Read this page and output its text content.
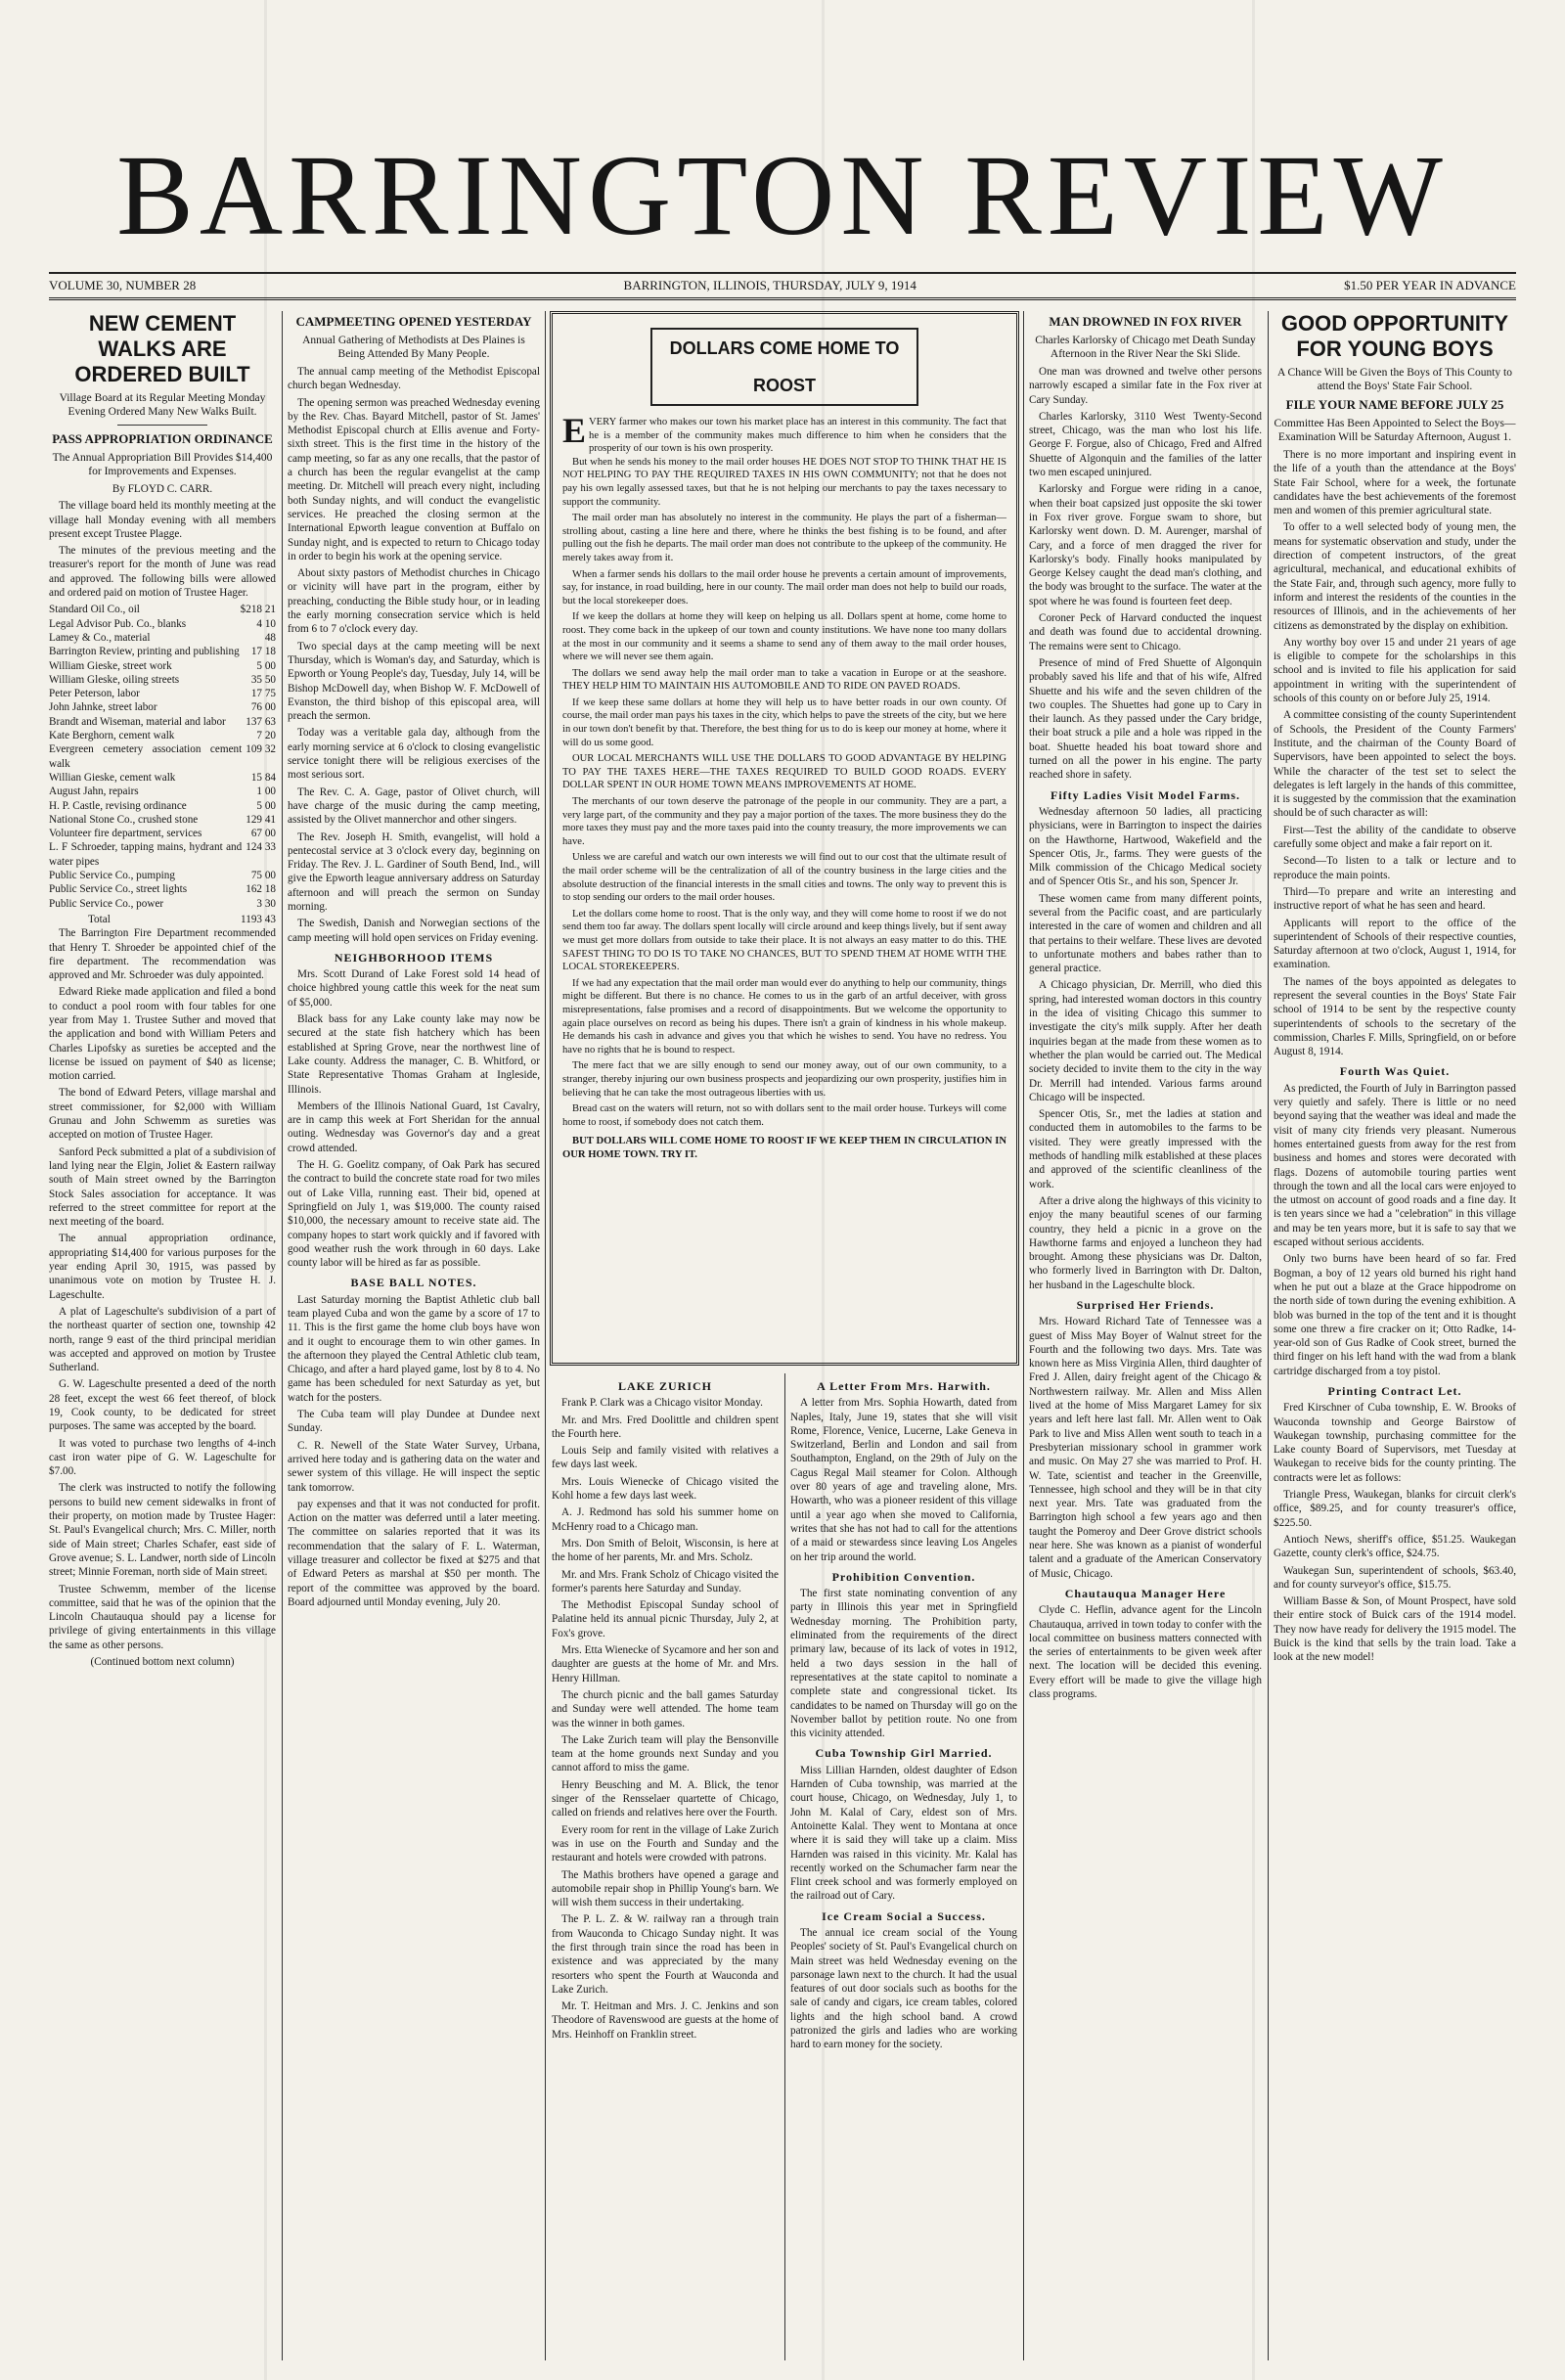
BARRINGTON REVIEW
VOLUME 30, NUMBER 28	BARRINGTON, ILLINOIS, THURSDAY, JULY 9, 1914	$1.50 PER YEAR IN ADVANCE
NEW CEMENT WALKS ARE ORDERED BUILT
Village Board at its Regular Meeting Monday Evening Ordered Many New Walks Built.
PASS APPROPRIATION ORDINANCE
The Annual Appropriation Bill Provides $14,400 for Improvements and Expenses.
By FLOYD C. CARR.

The village board held its monthly meeting at the village hall Monday evening with all members present except Trustee Plagge.

The minutes of the previous meeting and the treasurer's report for the month of June was read and approved. The following bills were allowed and ordered paid on motion of Trustee Hager.

Standard Oil Co., oil	$218 21
Legal Advisor Pub. Co., blanks	4 10
Lamey & Co., material	48
Barrington Review, printing and publishing	17 18
William Gieske, street work	5 00
William Gleske, oiling streets	35 50
Peter Peterson, labor	17 75
John Jahnke, street labor	76 00
Brandt and Wiseman, material and labor	137 63
Kate Berghorn, cement walk	7 20
Evergreen cemetery association cement walk
109 32
Willian Gieske, cement walk	15 84
August Jahn, repairs	1 00
H. P. Castle, revising ordinance	5 00
National Stone Co., crushed stone	129 41
Volunteer fire department, services	67 00
L. F Schroeder, tapping mains, hydrant and water pipes
124 33
Public Service Co., pumping	75 00
Public Service Co., street lights	162 18
Public Service Co., power	3 30
Total	1193 43

The Barrington Fire Department recommended that Henry T. Shroeder be appointed chief of the fire department. The recommendation was approved and Mr. Schroeder was duly appointed.

Edward Rieke made application and filed a bond to conduct a pool room with four tables for one year from May 1. Trustee Suther and moved that the application and bond with William Peters and Charles Lipofsky as sureties be accepted and the license be issued on payment of $40 as license; motion carried.

The bond of Edward Peters, village marshal and street commissioner, for $2,000 with William Grunau and John Schwemm as sureties was accepted on motion of Trustee Hager.

Sanford Peck submitted a plat of a subdivision of land lying near the Elgin, Joliet & Eastern railway south of Main street owned by the Barrington Stock Sales association for acceptance. It was referred to the street committee for report at the next meeting of the board.

The annual appropriation ordinance, appropriating $14,400 for various purposes for the year ending April 30, 1915, was passed by unanimous vote on motion by Trustee H. J. Lageschulte.

A plat of Lageschulte's subdivision of a part of the northeast quarter of section one, township 42 north, range 9 east of the third principal meridian was accepted and approved on motion by Trustee Sutherland.

G. W. Lageschulte presented a deed of the north 28 feet, except the west 66 feet thereof, of block 19, Cook county, to be dedicated for street purposes. The same was accepted by the board.

It was voted to purchase two lengths of 4-inch cast iron water pipe of G. W. Lageschulte for $7.00.

The clerk was instructed to notify the following persons to build new cement sidewalks in front of their property, on motion made by Trustee Hager: St. Paul's Evangelical church; Mrs. C. Miller, north side of Main street; Charles Schafer, east side of Grove avenue; S. L. Landwer, north side of Lincoln street; Minnie Foreman, north side of Main street.

Trustee Schwemm, member of the license committee, said that he was of the opinion that the Lincoln Chautauqua should pay a license for privilege of giving entertainments in this village the same as other persons.

(Continued bottom next column)
CAMPMEETING OPENED YESTERDAY
Annual Gathering of Methodists at Des Plaines is Being Attended By Many People.

The annual camp meeting of the Methodist Episcopal church began Wednesday.

The opening sermon was preached Wednesday evening by the Rev. Chas. Bayard Mitchell, pastor of St. James' Methodist Episcopal church at Ellis avenue and Forty-sixth street. This is the first time in the history of the camp meeting, so far as any one recalls, that the pastor of a church has been the regular evangelist at the camp meeting. Dr. Mitchell will preach every night, including both Sunday nights, and will conduct the evangelistic services. He preached the closing sermon at the International Epworth league convention at Buffalo on Sunday night, and is expected to return to Chicago today in order to begin his work at the opening service.

About sixty pastors of Methodist churches in Chicago or vicinity will have part in the program, either by preaching, conducting the Bible study hour, or in leading the early morning consecration service which is held from 6 to 7 o'clock every day.

Two special days at the camp meeting will be next Thursday, which is Woman's day, and Saturday, which is Epworth or Young People's day, Tuesday, July 14, will be Bishop McDowell day, when Bishop W. F. McDowell of Evanston, the third bishop of this episcopal area, will preach the sermon.

Today was a veritable gala day, although from the early morning service at 6 o'clock to closing evangelistic service tonight there will be religious exercises of the most serious sort.

The Rev. C. A. Gage, pastor of Olivet church, will have charge of the music during the camp meeting, assisted by the Olivet mannerchor and other singers.

The Rev. Joseph H. Smith, evangelist, will hold a pentecostal service at 3 o'clock every day, beginning on Friday. The Rev. J. L. Gardiner of South Bend, Ind., will give the Epworth league anniversary address on Saturday afternoon and will preach the sermon on Sunday morning.

The Swedish, Danish and Norwegian sections of the camp meeting will hold open services on Friday evening.

NEIGHBORHOOD ITEMS

Mrs. Scott Durand of Lake Forest sold 14 head of choice highbred young cattle this week for the neat sum of $5,000.

Black bass for any Lake county lake may now be secured at the state fish hatchery which has been established at Spring Grove, near the northwest line of Lake county. Address the manager, C. B. Whitford, or State Representative Thomas Graham at Ingleside, Illinois.

Members of the Illinois National Guard, 1st Cavalry, are in camp this week at Fort Sheridan for the annual outing. Wednesday was Governor's day and a great crowd attended.

The H. G. Goelitz company, of Oak Park has secured the contract to build the concrete state road for two miles out of Lake Villa, running east. Their bid, opened at Springfield on July 1, was $19,000. The county raised $10,000, the necessary amount to receive state aid. The company hopes to start work quickly and if favored with good weather rush the work through in 60 days. Lake county labor will be hired as far as possible.

BASE BALL NOTES.

Last Saturday morning the Baptist Athletic club ball team played Cuba and won the game by a score of 17 to 11. This is the first game the home club boys have won and it ought to encourage them to win other games. In the afternoon they played the Central Athletic club team, Chicago, and after a hard played game, lost by 8 to 4. No game has been scheduled for next Saturday as yet, but watch for the posters.

The Cuba team will play Dundee at Dundee next Sunday.

C. R. Newell of the State Water Survey, Urbana, arrived here today and is gathering data on the water and sewer system of this village. He will inspect the septic tank tomorrow.

pay expenses and that it was not conducted for profit. Action on the matter was deferred until a later meeting. The committee on salaries reported that it was its recommendation that the salary of F. L. Waterman, village treasurer and collector be fixed at $275 and that of Edward Peters as marshal at $50 per month. The report of the committee was approved by the board. Board adjourned until Monday evening, July 20.

DOLLARS COME HOME TO ROOST
E VERY farmer who makes our town his market place has an interest in this community. The fact that he is a member of the community makes much difference to him when he considers that the prosperity of our town is his own prosperity.

But when he sends his money to the mail order houses HE DOES NOT STOP TO THINK THAT HE IS NOT HELPING TO PAY THE REQUIRED TAXES IN HIS OWN COMMUNITY; not that he does not pay his own legally assessed taxes, but that he is not helping our merchants to pay the taxes necessary to support the community.

The mail order man has absolutely no interest in the community. He plays the part of a fisherman—strolling about, casting a line here and there, where he thinks the best fishing is to be found, and after pulling out the fish he departs. The mail order man does not contribute to the upkeep of the community. He merely takes away from it.

When a farmer sends his dollars to the mail order house he prevents a certain amount of improvements, say, for instance, in road building, here in our county. The mail order man does not help to build our roads, but the local storekeeper does.

If we keep the dollars at home they will keep on helping us all. Dollars spent at home, come home to roost. They come back in the upkeep of our town and county institutions. We have none too many dollars at the most in our community and it seems a shame to send any of them away to the mail order houses, where we will never see them again.

The dollars we send away help the mail order man to take a vacation in Europe or at the seashore. THEY HELP HIM TO MAINTAIN HIS AUTOMOBILE AND TO RIDE ON PAVED ROADS.

If we keep these same dollars at home they will help us to have better roads in our own county. Of course, the mail order man pays his taxes in the city, which helps to pave the streets of the city, but we here in our town don't benefit by that. Therefore, the best thing for us to do is keep our money at home, where it will do us some good.

OUR LOCAL MERCHANTS WILL USE THE DOLLARS TO GOOD ADVANTAGE BY HELPING TO PAY THE TAXES HERE—THE TAXES REQUIRED TO BUILD GOOD ROADS. EVERY DOLLAR SPENT IN OUR HOME TOWN MEANS IMPROVEMENTS AT HOME.

The merchants of our town deserve the patronage of the people in our community. They are a part, a very large part, of the community and they pay a major portion of the taxes. The more business they do the more taxes they must pay and the more taxes paid into the county treasury, the more improvements we can have.

Unless we are careful and watch our own interests we will find out to our cost that the ultimate result of the mail order scheme will be the centralization of all of the country business in the large cities and the absolute destruction of the financial interests in the small cities and towns. The only way to prevent this is to stop sending our orders to the mail order houses.

Let the dollars come home to roost. That is the only way, and they will come home to roost if we do not send them too far away. The dollars spent locally will circle around and keep things lively, but if sent away we must get more dollars from outside to take their place. It is not always an easy matter to do this. THE SAFEST THING TO DO IS TO TAKE NO CHANCES, BUT TO SPEND THEM AT HOME WITH THE LOCAL STOREKEEPERS.

If we had any expectation that the mail order man would ever do anything to help our community, things might be different. But there is no chance. He comes to us in the garb of an artful deceiver, with gross misrepresentations, false promises and a record of disappointments. But we welcome the opportunity to again place ourselves on record as being his dupes. There isn't a grain of kindness in his whole makeup. He demands his cash in advance and gives you that which he wishes to send. You have no redress. You have no rights that he is bound to respect.

The mere fact that we are silly enough to send our money away, out of our own community, to a stranger, thereby injuring our own business prospects and jeopardizing our own prosperity, justifies him in believing that he can take the most outrageous liberties with us.

Bread cast on the waters will return, not so with dollars sent to the mail order house. Turkeys will come home to roost, if somebody does not catch them.

BUT DOLLARS WILL COME HOME TO ROOST IF WE KEEP THEM IN CIRCULATION IN OUR HOME TOWN. TRY IT.

LAKE ZURICH

Frank P. Clark was a Chicago visitor Monday.

Mr. and Mrs. Fred Doolittle and children spent the Fourth here.

Louis Seip and family visited with relatives a few days last week.

Mrs. Louis Wienecke of Chicago visited the Kohl home a few days last week.

A. J. Redmond has sold his summer home on McHenry road to a Chicago man.

Mrs. Don Smith of Beloit, Wisconsin, is here at the home of her parents, Mr. and Mrs. Scholz.

Mr. and Mrs. Frank Scholz of Chicago visited the former's parents here Saturday and Sunday.

The Methodist Episcopal Sunday school of Palatine held its annual picnic Thursday, July 2, at Fox's grove.

Mrs. Etta Wienecke of Sycamore and her son and daughter are guests at the home of Mr. and Mrs. Henry Hillman.

The church picnic and the ball games Saturday and Sunday were well attended. The home team was the winner in both games.

The Lake Zurich team will play the Bensonville team at the home grounds next Sunday and you cannot afford to miss the game.

Henry Beusching and M. A. Blick, the tenor singer of the Rensselaer quartette of Chicago, called on friends and relatives here over the Fourth.

Every room for rent in the village of Lake Zurich was in use on the Fourth and Sunday and the restaurant and hotels were crowded with patrons.

The Mathis brothers have opened a garage and automobile repair shop in Phillip Young's barn. We will wish them success in their undertaking.

The P. L. Z. & W. railway ran a through train from Wauconda to Chicago Sunday night. It was the first through train since the road has been in existence and was appreciated by the many resorters who spent the Fourth at Wauconda and Lake Zurich.

Mr. T. Heitman and Mrs. J. C. Jenkins and son Theodore of Ravenswood are guests at the home of Mrs. Heinhoff on Franklin street.

A Letter From Mrs. Harwith.

A letter from Mrs. Sophia Howarth, dated from Naples, Italy, June 19, states that she will visit Rome, Florence, Venice, Lucerne, Lake Geneva in Switzerland, Berlin and London and sail from Southampton, England, on the 29th of July on the Cagus Regal Mail steamer for Colon. Although over 80 years of age and traveling alone, Mrs. Howarth, who was a pioneer resident of this village until a year ago when she moved to California, writes that she has not had to call for the attentions of a maid or stewardess since leaving Los Angeles on her trip around the world.

Prohibition Convention.

The first state nominating convention of any party in Illinois this year met in Springfield Wednesday morning. The Prohibition party, eliminated from the requirements of the direct primary law, because of its lack of votes in 1912, held a two days session in the hall of representatives at the state capitol to nominate a complete state and congressional ticket. Its candidates to be named on Thursday will go on the November ballot by petition route. No one from this vicinity attended.

Cuba Township Girl Married.

Miss Lillian Harnden, oldest daughter of Edson Harnden of Cuba township, was married at the court house, Chicago, on Wednesday, July 1, to John M. Kalal of Cary, eldest son of Mrs. Antoinette Kalal. They went to Montana at once where it is said they will take up a claim. Miss Harnden was raised in this vicinity. Mr. Kalal has recently worked on the Schumacher farm near the Flint creek school and was formerly employed on the railroad out of Cary.

Ice Cream Social a Success.

The annual ice cream social of the Young Peoples' society of St. Paul's Evangelical church on Main street was held Wednesday evening on the parsonage lawn next to the church. It had the usual features of out door socials such as booths for the sale of candy and cigars, ice cream tables, colored lights and the high school band. A crowd patronized the girls and ladies who are working hard to earn money for the society.

MAN DROWNED IN FOX RIVER
Charles Karlorsky of Chicago met Death Sunday Afternoon in the River Near the Ski Slide.

One man was drowned and twelve other persons narrowly escaped a similar fate in the Fox river at Cary Sunday.

Charles Karlorsky, 3110 West Twenty-Second street, Chicago, was the man who lost his life. George F. Forgue, also of Chicago, Fred and Alfred Shuette of Algonquin and the families of the latter two men escaped uninjured.

Karlorsky and Forgue were riding in a canoe, when their boat capsized just opposite the ski tower in Fox river grove. Forgue swam to shore, but Karlorsky went down. D. M. Aurenger, marshal of Cary, and a force of men dragged the river for Karlorsky's body. Finally hooks manipulated by George Kelsey caught the dead man's clothing, and the body was brought to the surface. The water at the spot where he was found is fourteen feet deep.

Coroner Peck of Harvard conducted the inquest and death was found due to accidental drowning. The remains were sent to Chicago.

Presence of mind of Fred Shuette of Algonquin probably saved his life and that of his wife, Alfred Shuette and his wife and the seven children of the two couples. The Shuettes had gone up to Cary in their launch. As they passed under the Cary bridge, their boat struck a pile and a hole was ripped in the boat. Shuette headed his boat toward shore and turned on all the power in his engine. The party reached shore in safety.

Fifty Ladies Visit Model Farms.

Wednesday afternoon 50 ladies, all practicing physicians, were in Barrington to inspect the dairies on the Hawthorne, Hartwood, Wakefield and the Spencer Otis, Jr., farms. They were guests of the Milk commission of the Chicago Medical society and of Spencer Otis Sr., and his son, Spencer Jr.

These women came from many different points, several from the Pacific coast, and are particularly interested in the care of women and children and all that pertains to their welfare. These lives are devoted to unfortunate mothers and babes rather than to general practice.

A Chicago physician, Dr. Merrill, who died this spring, had interested woman doctors in this country in the idea of visiting Chicago this summer to investigate the city's milk supply. After her death inquiries began at the made from these women as to whether the plan would be carried out. The Medical society decided to invite them to the city in the way Dr. Merrill had intended. Various farms around Chicago will be inspected.

Spencer Otis, Sr., met the ladies at station and conducted them in automobiles to the farms to be visited. They were greatly impressed with the methods of handling milk established at these places and approved of the scientific cleanliness of the work.

After a drive along the highways of this vicinity to enjoy the many beautiful scenes of our farming country, they held a picnic in a grove on the Hawthorne farms and enjoyed a luncheon they had brought. Among these physicians was Dr. Dalton, who formerly lived in Barrington with Dr. Dalton, her husband in the Lageschulte block.

Surprised Her Friends.

Mrs. Howard Richard Tate of Tennessee was a guest of Miss May Boyer of Walnut street for the Fourth and the following two days. Mrs. Tate was known here as Miss Virginia Allen, third daughter of Fred J. Allen, dairy freight agent of the Chicago & Northwestern railway. Mr. Allen and Miss Allen lived at the home of Miss Margaret Lamey for six years and left here last fall. Mr. Allen went to Oak Park to live and Miss Allen went south to teach in a Presbyterian missionary school in grammer work and music. On May 27 she was married to Prof. H. W. Tate, scientist and teacher in the Greenville, Tennessee, high school and they will be in that city next year. Mrs. Tate was graduated from the Barrington high school a few years ago and then taught the Pomeroy and Deer Grove district schools near here. She was known as a pianist of wonderful talent and a graduate of the American Conservatory of Music, Chicago.

Chautauqua Manager Here

Clyde C. Heflin, advance agent for the Lincoln Chautauqua, arrived in town today to confer with the local committee on business matters connected with the series of entertainments to be given week after next. The location will be decided this evening. Every effort will be made to give the village high class programs.

GOOD OPPORTUNITY FOR YOUNG BOYS
A Chance Will be Given the Boys of This County to attend the Boys' State Fair School.
FILE YOUR NAME BEFORE JULY 25
Committee Has Been Appointed to Select the Boys—Examination Will be Saturday Afternoon, August 1.

There is no more important and inspiring event in the life of a youth than the attendance at the Boys' State Fair School, where for a week, the fortunate candidates have the best achievements of the foremost men and women of this premier agricultural state.

To offer to a well selected body of young men, the means for systematic observation and study, under the direction of competent instructors, of the great agricultural, mechanical, and educational exhibits of the State Fair, and, through such agency, more fully to inform and interest the residents of the counties in the resources of Illinois, and in the achievements of her citizens as demonstrated by the display on exhibition.

Any worthy boy over 15 and under 21 years of age is eligible to compete for the scholarships in this school and is invited to file his application for said appointment in writing with the superintendent of schools of this county on or before July 25, 1914.

A committee consisting of the county Superintendent of Schools, the President of the County Farmers' Institute, and the chairman of the County Board of Supervisors, have been appointed to select the boys. While the character of the test set to select the delegates is left largely in the hands of this committee, it is suggested by the commission that the examination should be of such character as will:

First—Test the ability of the candidate to observe carefully some object and make a fair report on it.

Second—To listen to a talk or lecture and to reproduce the main points.

Third—To prepare and write an interesting and instructive report of what he has seen and heard.

Applicants will report to the office of the superintendent of Schools of their respective counties, Saturday afternoon at two o'clock, August 1, 1914, for examination.

The names of the boys appointed as delegates to represent the several counties in the Boys' State Fair school of 1914 to be sent by the respective county superintendents of schools to the secretary of the commission, Charles F. Mills, Springfield, on or before August 8, 1914.

Fourth Was Quiet.

As predicted, the Fourth of July in Barrington passed very quietly and safely. There is little or no need beyond saying that the weather was ideal and made the visit of many city friends very pleasant. Numerous homes entertained guests from away for the rest from business and homes and stores were decorated with flags. Dozens of automobile touring parties went through the town and all the local cars were enjoyed to the utmost on account of good roads and a fine day. It is ten years since we had a "celebration" in this village and may be ten years more, but it is safe to say that we escaped without serious accidents.

Only two burns have been heard of so far. Fred Bogman, a boy of 12 years old burned his right hand when he put out a blaze at the Grace hippodrome on the north side of town during the evening exhibition. A blob was burned in the top of the tent and it is thought some one threw a fire cracker on it; Otto Radke, 14-year-old son of Gus Radke of Cook street, burned the third finger on his left hand with the wad from a blank cartridge discharged from a toy pistol.

Printing Contract Let.

Fred Kirschner of Cuba township, E. W. Brooks of Wauconda township and George Bairstow of Waukegan township, purchasing committee for the Lake county Board of Supervisors, met Tuesday at Waukegan to receive bids for the county printing. The contracts were let as follows:

Triangle Press, Waukegan, blanks for circuit clerk's office, $89.25, and for county treasurer's office, $225.50.

Antioch News, sheriff's office, $51.25. Waukegan Gazette, county clerk's office, $24.75.

Waukegan Sun, superintendent of schools, $63.40, and for county surveyor's office, $15.75.

William Basse & Son, of Mount Prospect, have sold their entire stock of Buick cars of the 1914 model. They now have ready for delivery the 1915 model. The Buick is the kind that sells by the train load. Take a look at the new model!
